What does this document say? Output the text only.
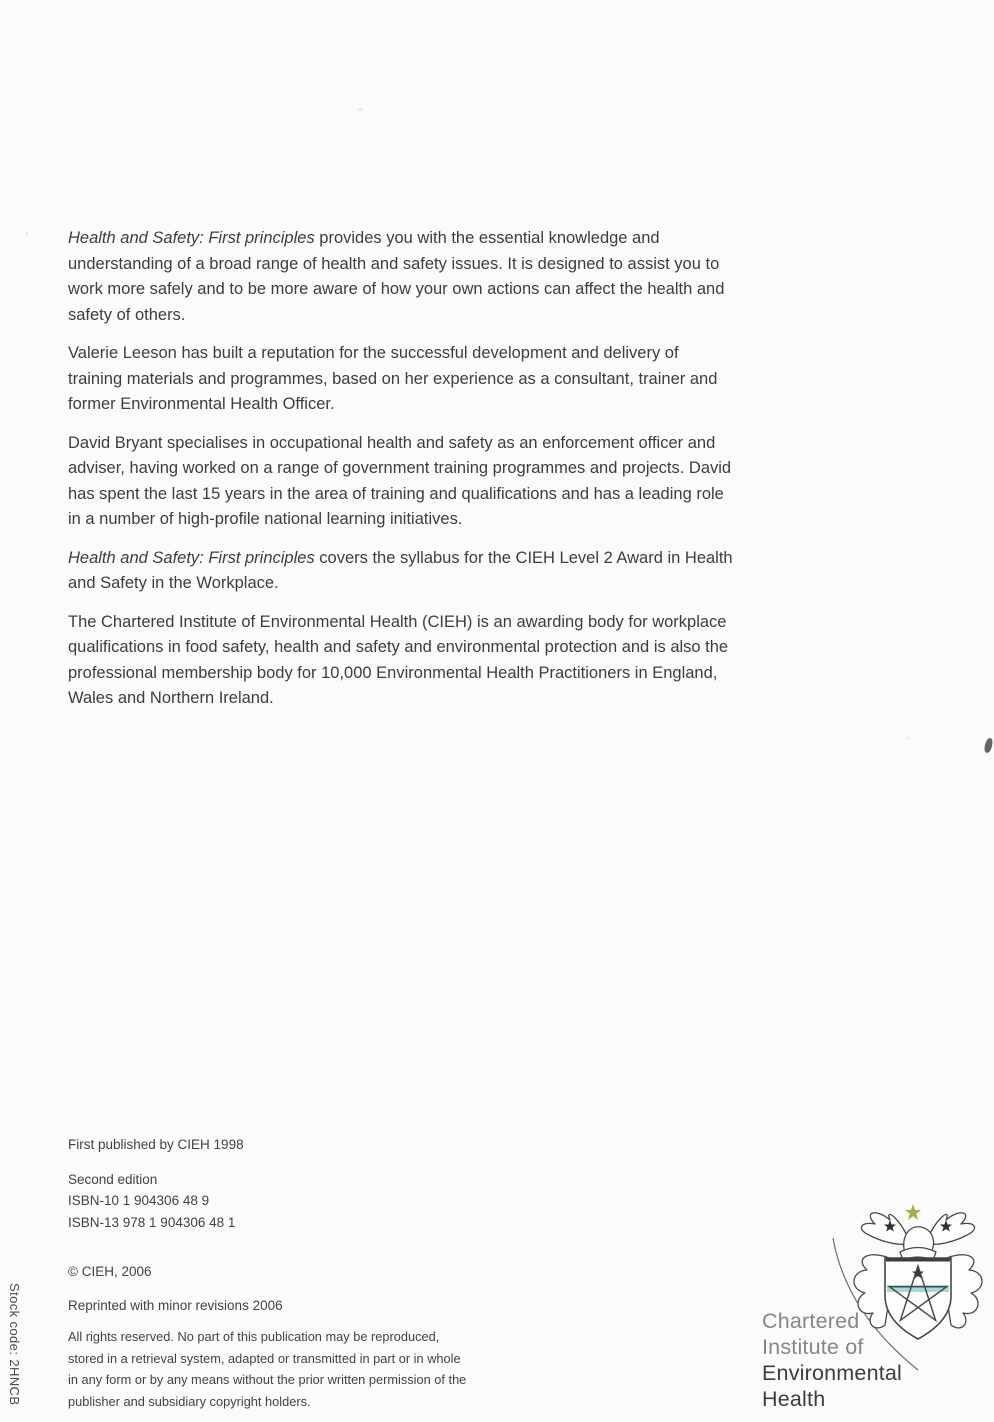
Health and Safety: First principles provides you with the essential knowledge and understanding of a broad range of health and safety issues. It is designed to assist you to work more safely and to be more aware of how your own actions can affect the health and safety of others.

Valerie Leeson has built a reputation for the successful development and delivery of training materials and programmes, based on her experience as a consultant, trainer and former Environmental Health Officer.

David Bryant specialises in occupational health and safety as an enforcement officer and adviser, having worked on a range of government training programmes and projects. David has spent the last 15 years in the area of training and qualifications and has a leading role in a number of high-profile national learning initiatives.

Health and Safety: First principles covers the syllabus for the CIEH Level 2 Award in Health and Safety in the Workplace.

The Chartered Institute of Environmental Health (CIEH) is an awarding body for workplace qualifications in food safety, health and safety and environmental protection and is also the professional membership body for 10,000 Environmental Health Practitioners in England, Wales and Northern Ireland.

First published by CIEH 1998
Second edition
ISBN-10 1 904306 48 9
ISBN-13 978 1 904306 48 1
© CIEH, 2006
Reprinted with minor revisions 2006
All rights reserved. No part of this publication may be reproduced, stored in a retrieval system, adapted or transmitted in part or in whole in any form or by any means without the prior written permission of the publisher and subsidiary copyright holders.
Stock code: 2HNCB	Chartered
Institute of
Environmental
Health
